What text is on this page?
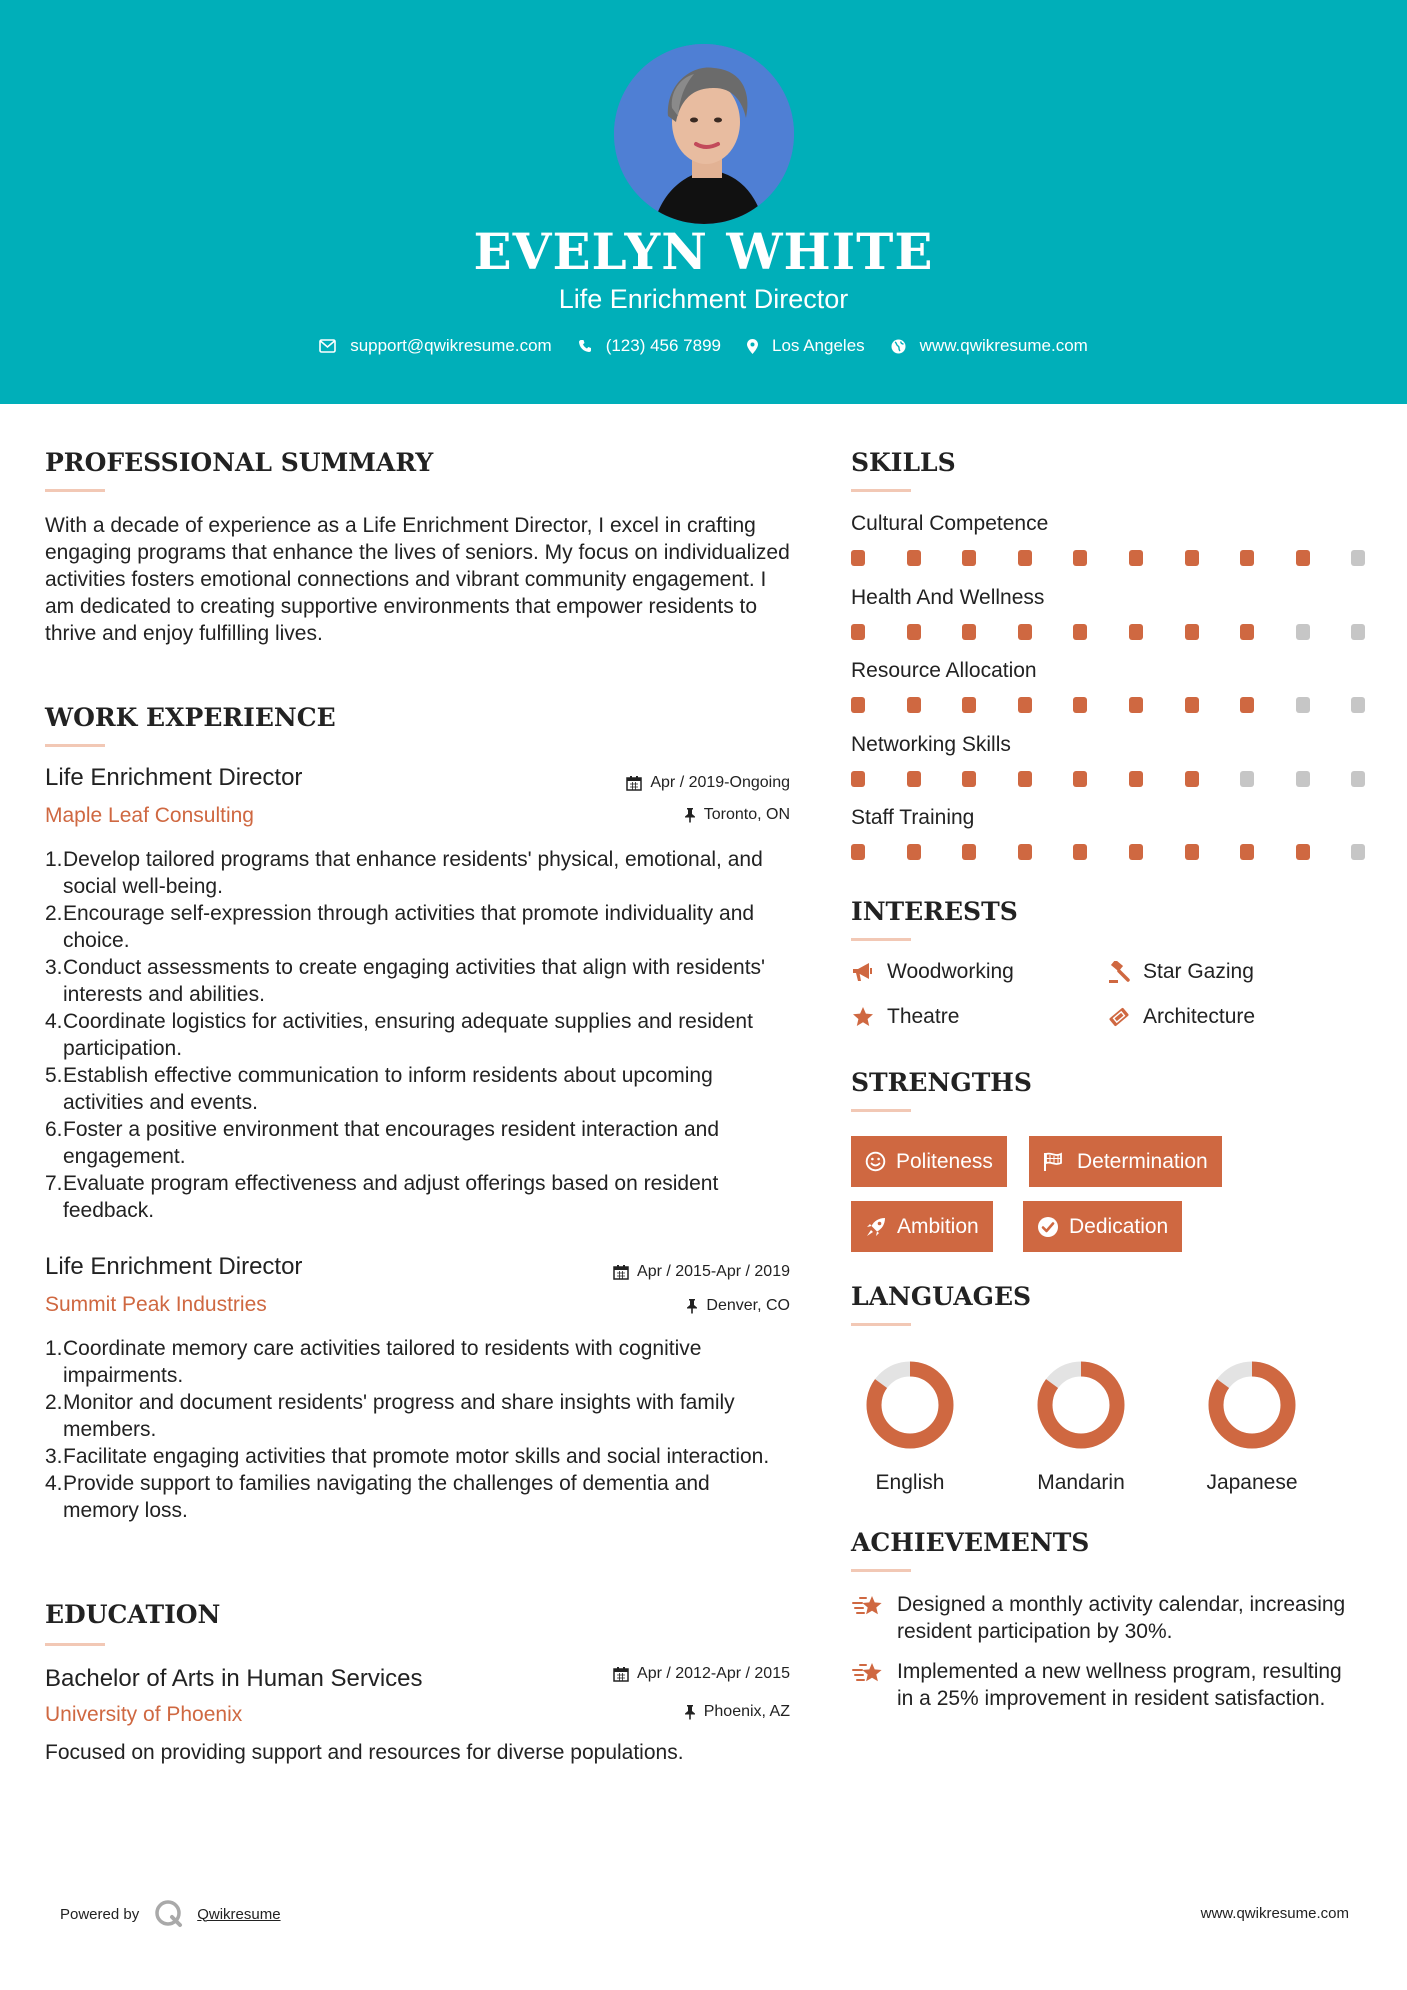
EVELYN WHITE
Life Enrichment Director
support@qwikresume.com	(123) 456 7899	Los Angeles	www.qwikresume.com
PROFESSIONAL SUMMARY
With a decade of experience as a Life Enrichment Director, I excel in crafting engaging programs that enhance the lives of seniors. My focus on individualized activities fosters emotional connections and vibrant community engagement. I am dedicated to creating supportive environments that empower residents to thrive and enjoy fulfilling lives.
WORK EXPERIENCE
Life Enrichment Director	Apr / 2019-Ongoing
Maple Leaf Consulting	Toronto, ON
1. Develop tailored programs that enhance residents' physical, emotional, and social well-being.
2. Encourage self-expression through activities that promote individuality and choice.
3. Conduct assessments to create engaging activities that align with residents' interests and abilities.
4. Coordinate logistics for activities, ensuring adequate supplies and resident participation.
5. Establish effective communication to inform residents about upcoming activities and events.
6. Foster a positive environment that encourages resident interaction and engagement.
7. Evaluate program effectiveness and adjust offerings based on resident feedback.
Life Enrichment Director	Apr / 2015-Apr / 2019
Summit Peak Industries	Denver, CO
1. Coordinate memory care activities tailored to residents with cognitive impairments.
2. Monitor and document residents' progress and share insights with family members.
3. Facilitate engaging activities that promote motor skills and social interaction.
4. Provide support to families navigating the challenges of dementia and memory loss.
EDUCATION
Bachelor of Arts in Human Services	Apr / 2012-Apr / 2015
University of Phoenix	Phoenix, AZ
Focused on providing support and resources for diverse populations.
SKILLS
Cultural Competence
Health And Wellness
Resource Allocation
Networking Skills
Staff Training
INTERESTS
Woodworking	Star Gazing
Theatre	Architecture
STRENGTHS
Politeness	Determination
Ambition	Dedication
LANGUAGES
English	Mandarin	Japanese
ACHIEVEMENTS
Designed a monthly activity calendar, increasing resident participation by 30%.
Implemented a new wellness program, resulting in a 25% improvement in resident satisfaction.
Powered by	Qwikresume	www.qwikresume.com
